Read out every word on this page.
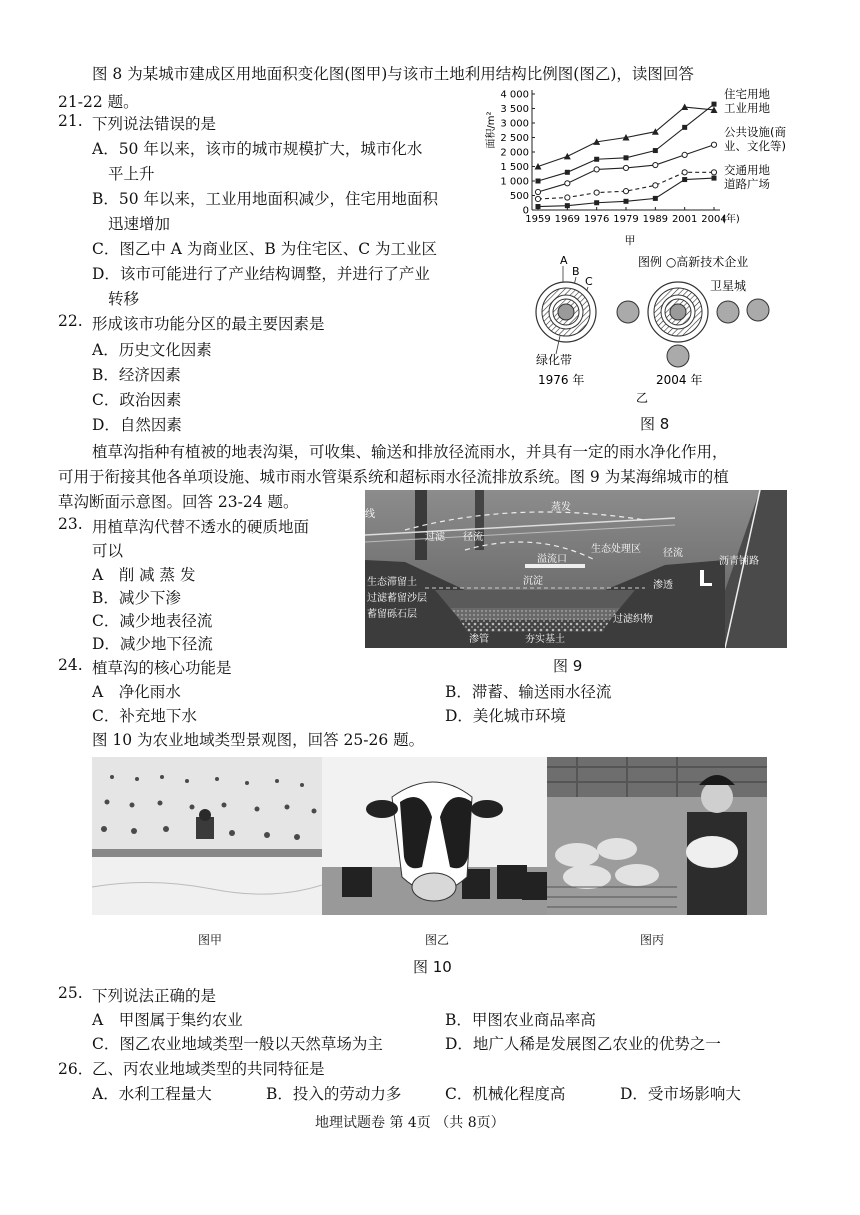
图 8 为某城市建成区用地面积变化图(图甲)与该市土地利用结构比例图(图乙)，读图回答
21-22 题。
21. 下列说法错误的是
A．50 年以来，该市的城市规模扩大，城市化水
平上升
B．50 年以来，工业用地面积减少，住宅用地面积
迅速增加
C．图乙中 A 为商业区、B 为住宅区、C 为工业区
D．该市可能进行了产业结构调整，并进行了产业
转移
22. 形成该市功能分区的最主要因素是
A．历史文化因素
B．经济因素
C．政治因素
D．自然因素
0
500
1 000
1 500
2 000
2 500
3 000
3 500
4 000
1959 1969 1976 1979 1989 2001 2004
(年)
面积/m²
甲
住宅用地
工业用地
公共设施(商
业、文化等)
交通用地
道路广场
图例 ○高新技术企业
A
B
C	卫星城
绿化带
1976 年	2004 年
乙
图 8
植草沟指种有植被的地表沟渠，可收集、输送和排放径流雨水，并具有一定的雨水净化作用，
可用于衔接其他各单项设施、城市雨水管渠系统和超标雨水径流排放系统。图 9 为某海绵城市的植
草沟断面示意图。回答 23-24 题。
23. 用植草沟代替不透水的硬质地面
可以
A　削 减 蒸 发
B．减少下渗
C．减少地表径流
D．减少地下径流
线
蒸发
过滤 径流
溢流口
生态处理区 径流
沥青铺路
沉淀	渗透
生态滞留土
过滤蓄留沙层
蓄留砾石层
渗管	夯实基土
过滤织物
图 9
24. 植草沟的核心功能是
A　净化雨水	B．滞蓄、输送雨水径流
C．补充地下水	D．美化城市环境
图 10 为农业地域类型景观图，回答 25-26 题。
图甲	图乙	图丙
图 10
25. 下列说法正确的是
A　甲图属于集约农业	B．甲图农业商品率高
C．图乙农业地域类型一般以天然草场为主	D．地广人稀是发展图乙农业的优势之一
26．
乙、丙农业地域类型的共同特征是
A．水利工程量大	B．投入的劳动力多	C．机械化程度高	D．受市场影响大
地理试题卷 第 4页 （共 8页）
